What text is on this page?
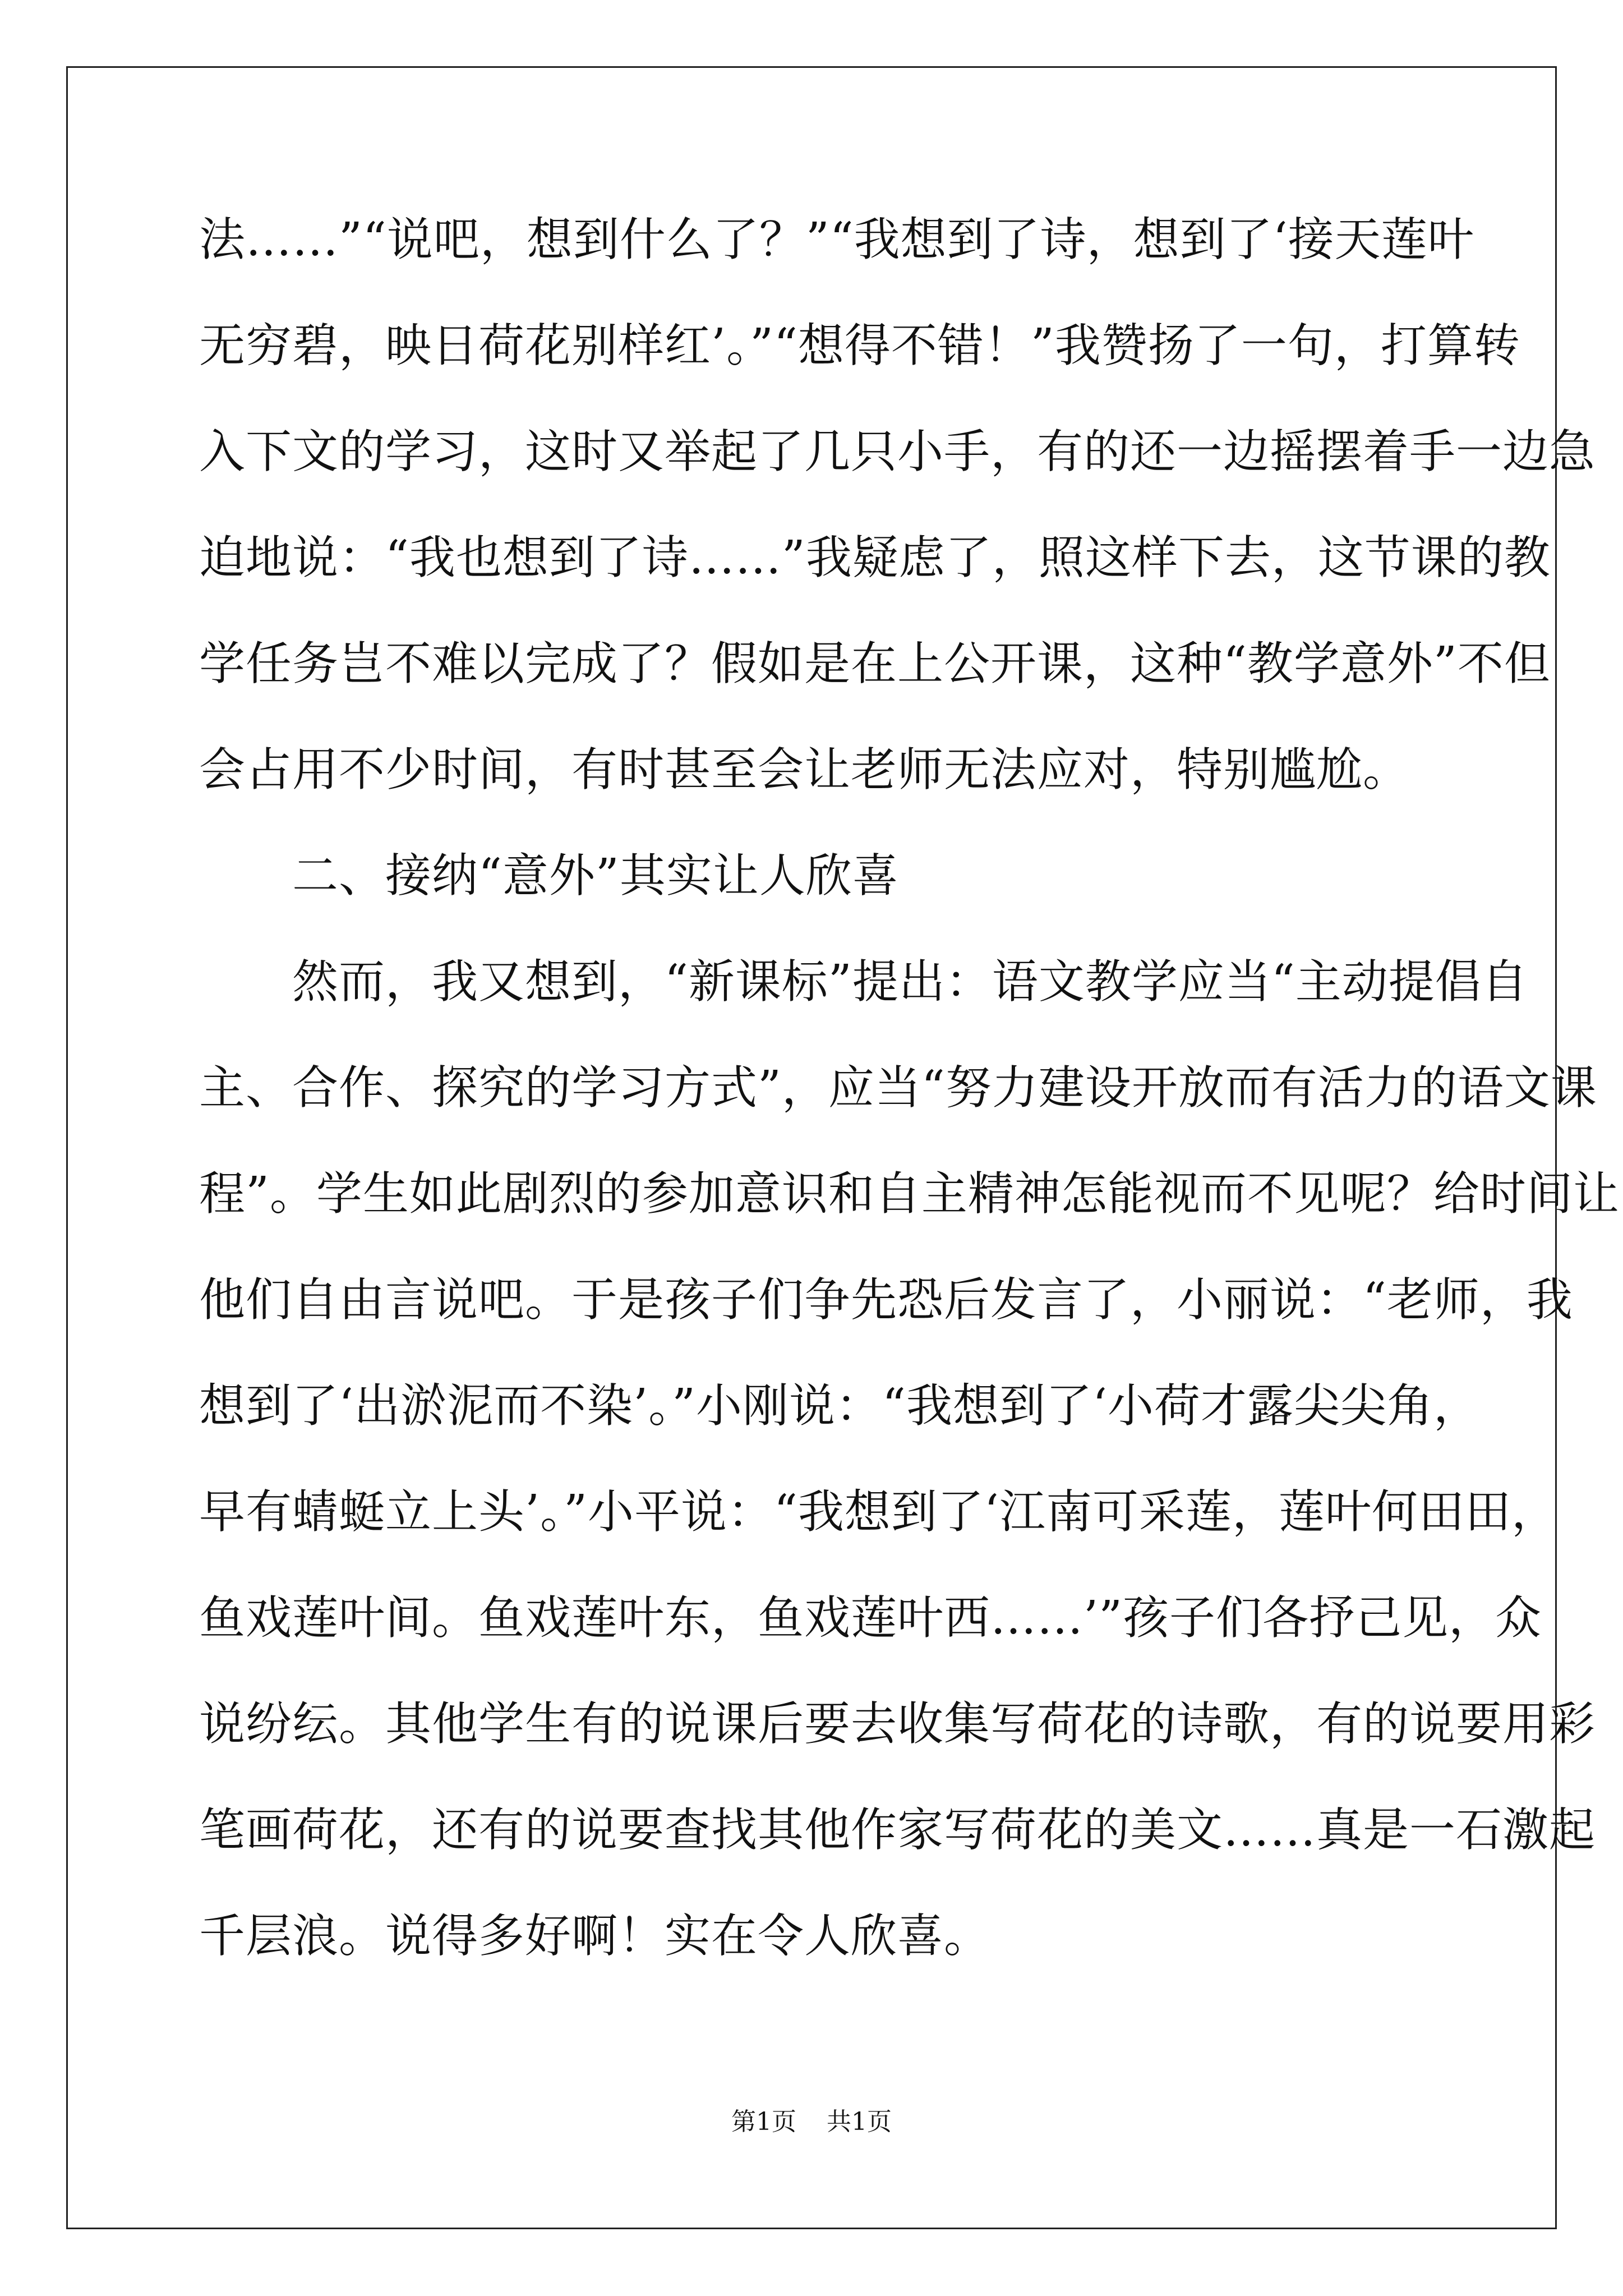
法……”“说吧，想到什么了？”“我想到了诗，想到了‘接天莲叶
无穷碧，映日荷花别样红’。”“想得不错！”我赞扬了一句，打算转
入下文的学习，这时又举起了几只小手，有的还一边摇摆着手一边急
迫地说：“我也想到了诗……”我疑虑了，照这样下去，这节课的教
学任务岂不难以完成了？假如是在上公开课，这种“教学意外”不但
会占用不少时间，有时甚至会让老师无法应对，特别尴尬。
　　二、接纳“意外”其实让人欣喜
　　然而，我又想到，“新课标”提出：语文教学应当“主动提倡自
主、合作、探究的学习方式”，应当“努力建设开放而有活力的语文课
程”。学生如此剧烈的参加意识和自主精神怎能视而不见呢？给时间让
他们自由言说吧。于是孩子们争先恐后发言了，小丽说：“老师，我
想到了‘出淤泥而不染’。”小刚说：“我想到了‘小荷才露尖尖角，
早有蜻蜓立上头’。”小平说：“我想到了‘江南可采莲，莲叶何田田，
鱼戏莲叶间。鱼戏莲叶东，鱼戏莲叶西……’”孩子们各抒己见，众
说纷纭。其他学生有的说课后要去收集写荷花的诗歌，有的说要用彩
笔画荷花，还有的说要查找其他作家写荷花的美文……真是一石激起
千层浪。说得多好啊！实在令人欣喜。
第1页 共1页
